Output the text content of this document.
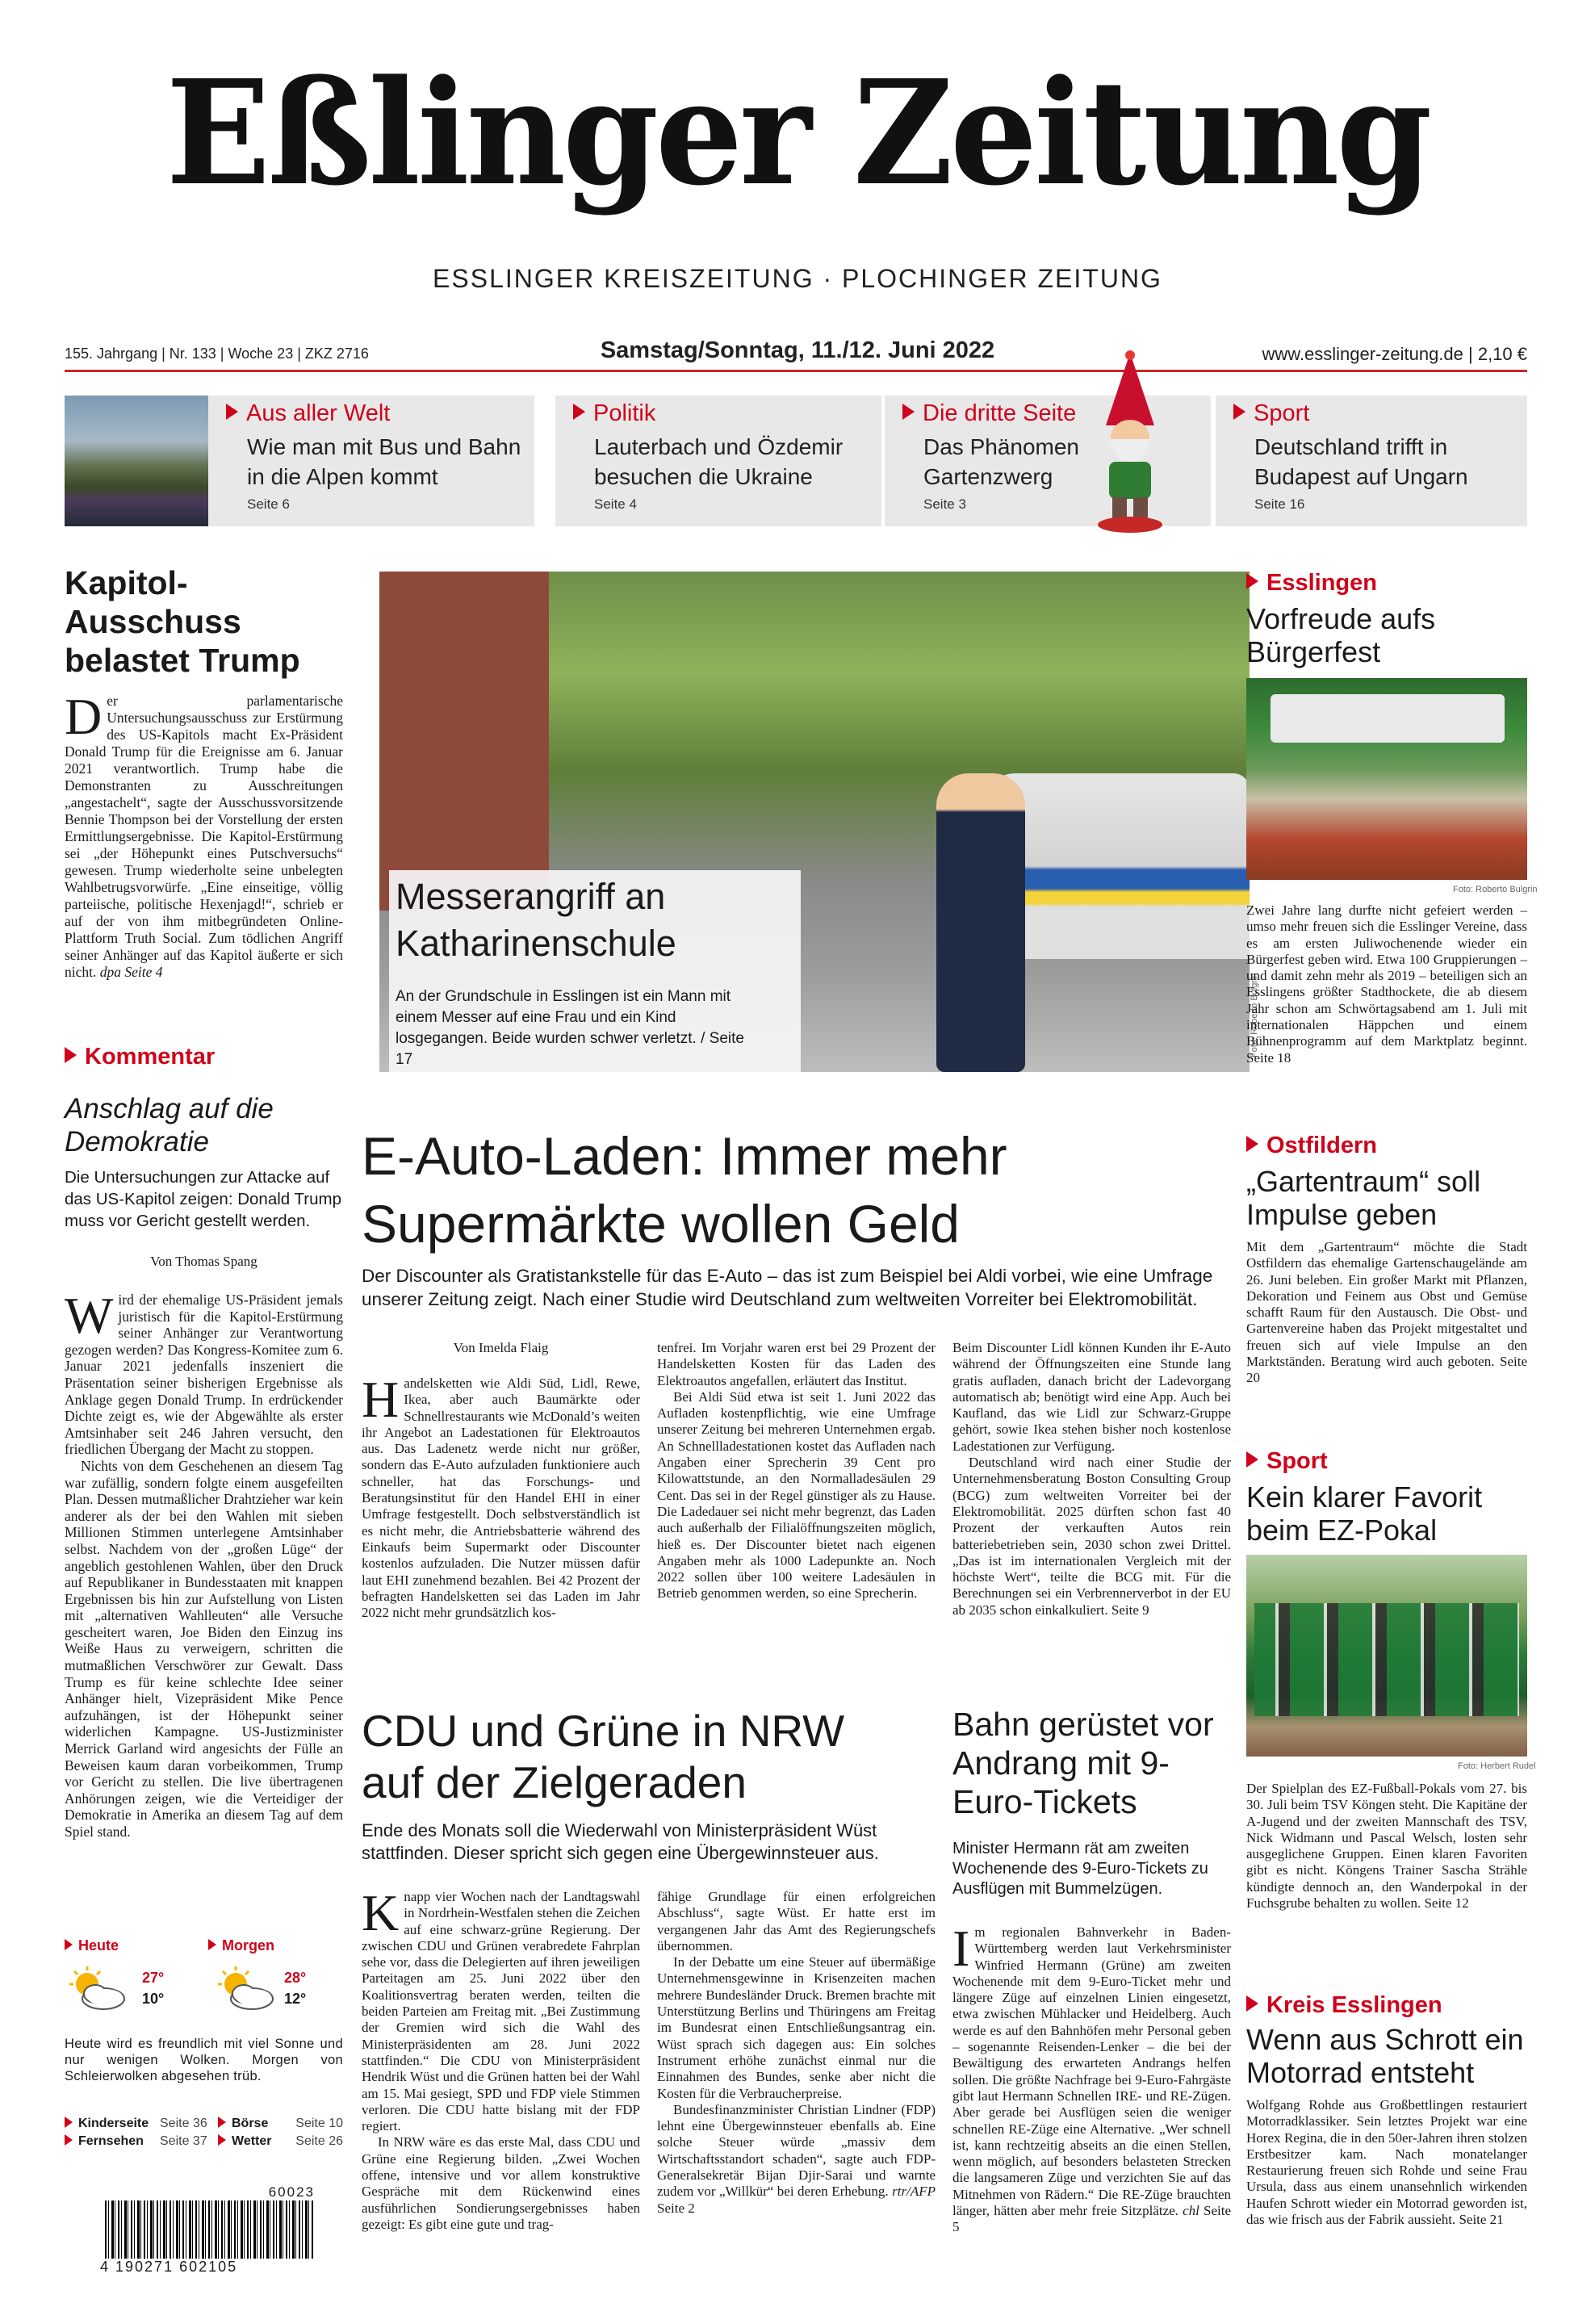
Eßlinger Zeitung
ESSLINGER KREISZEITUNG · PLOCHINGER ZEITUNG
155. Jahrgang | Nr. 133 | Woche 23 | ZKZ 2716	Samstag/Sonntag, 11./12. Juni 2022	www.esslinger-zeitung.de | 2,10 €
Aus aller Welt
Wie man mit Bus und Bahn in die Alpen kommt
Seite 6
Politik
Lauterbach und Özdemir besuchen die Ukraine
Seite 4
Die dritte Seite
Das Phänomen Gartenzwerg
Seite 3
Sport
Deutschland trifft in Budapest auf Ungarn
Seite 16
Kapitol-Ausschuss belastet Trump
Der parlamentarische Untersuchungsausschuss zur Erstürmung des US-Kapitols macht Ex-Präsident Donald Trump für die Ereignisse am 6. Januar 2021 verantwortlich. Trump habe die Demonstranten zu Ausschreitungen „angestachelt“, sagte der Ausschussvorsitzende Bennie Thompson bei der Vorstellung der ersten Ermittlungsergebnisse. Die Kapitol-Erstürmung sei „der Höhepunkt eines Putschversuchs“ gewesen. Trump wiederholte seine unbelegten Wahlbetrugsvorwürfe. „Eine einseitige, völlig parteiische, politische Hexenjagd!“, schrieb er auf der von ihm mitbegründeten Online-Plattform Truth Social. Zum tödlichen Angriff seiner Anhänger auf das Kapitol äußerte er sich nicht. dpa Seite 4
Kommentar
Anschlag auf die Demokratie
Die Untersuchungen zur Attacke auf das US-Kapitol zeigen: Donald Trump muss vor Gericht gestellt werden.
Von Thomas Spang

Wird der ehemalige US-Präsident jemals juristisch für die Kapitol-Erstürmung seiner Anhänger zur Verantwortung gezogen werden? Das Kongress-Komitee zum 6. Januar 2021 jedenfalls inszeniert die Präsentation seiner bisherigen Ergebnisse als Anklage gegen Donald Trump. In erdrückender Dichte zeigt es, wie der Abgewählte als erster Amtsinhaber seit 246 Jahren versucht, den friedlichen Übergang der Macht zu stoppen.

Nichts von dem Geschehenen an diesem Tag war zufällig, sondern folgte einem ausgefeilten Plan. Dessen mutmaßlicher Drahtzieher war kein anderer als der bei den Wahlen mit sieben Millionen Stimmen unterlegene Amtsinhaber selbst. Nachdem von der „großen Lüge“ der angeblich gestohlenen Wahlen, über den Druck auf Republikaner in Bundesstaaten mit knappen Ergebnissen bis hin zur Aufstellung von Listen mit „alternativen Wahlleuten“ alle Versuche gescheitert waren, Joe Biden den Einzug ins Weiße Haus zu verweigern, schritten die mutmaßlichen Verschwörer zur Gewalt. Dass Trump es für keine schlechte Idee seiner Anhänger hielt, Vizepräsident Mike Pence aufzuhängen, ist der Höhepunkt seiner widerlichen Kampagne. US-Justizminister Merrick Garland wird angesichts der Fülle an Beweisen kaum daran vorbeikommen, Trump vor Gericht zu stellen. Die live übertragenen Anhörungen zeigen, wie die Verteidiger der Demokratie in Amerika an diesem Tag auf dem Spiel stand.

Heute
27°
10°
Morgen
28°
12°
Heute wird es freundlich mit viel Sonne und nur wenigen Wolken. Morgen von Schleierwolken abgesehen trüb.
Kinderseite Seite 36	Börse	Seite 10
Fernsehen	Seite 37	Wetter	Seite 26
60023
4 190271 602105
Messerangriff an Katharinenschule
An der Grundschule in Esslingen ist ein Mann mit einem Messer auf eine Frau und ein Kind losgegangen. Beide wurden schwer verletzt. / Seite 17
Foto: Roberto Bulgrin
E-Auto-Laden: Immer mehr Supermärkte wollen Geld
Der Discounter als Gratistankstelle für das E-Auto – das ist zum Beispiel bei Aldi vorbei, wie eine Umfrage unserer Zeitung zeigt. Nach einer Studie wird Deutschland zum weltweiten Vorreiter bei Elektromobilität.
Von Imelda Flaig

Handelsketten wie Aldi Süd, Lidl, Rewe, Ikea, aber auch Baumärkte oder Schnellrestaurants wie McDonald’s weiten ihr Angebot an Ladestationen für Elektroautos aus. Das Ladenetz werde nicht nur größer, sondern das E-Auto aufzuladen funktioniere auch schneller, hat das Forschungs- und Beratungsinstitut für den Handel EHI in einer Umfrage festgestellt. Doch selbstverständlich ist es nicht mehr, die Antriebsbatterie während des Einkaufs beim Supermarkt oder Discounter kostenlos aufzuladen. Die Nutzer müssen dafür laut EHI zunehmend bezahlen. Bei 42 Prozent der befragten Handelsketten sei das Laden im Jahr 2022 nicht mehr grundsätzlich kos-

tenfrei. Im Vorjahr waren erst bei 29 Prozent der Handelsketten Kosten für das Laden des Elektroautos angefallen, erläutert das Institut.

Bei Aldi Süd etwa ist seit 1. Juni 2022 das Aufladen kostenpflichtig, wie eine Umfrage unserer Zeitung bei mehreren Unternehmen ergab. An Schnellladestationen kostet das Aufladen nach Angaben einer Sprecherin 39 Cent pro Kilowattstunde, an den Normalladesäulen 29 Cent. Das sei in der Regel günstiger als zu Hause. Die Ladedauer sei nicht mehr begrenzt, das Laden auch außerhalb der Filialöffnungszeiten möglich, hieß es. Der Discounter bietet nach eigenen Angaben mehr als 1000 Ladepunkte an. Noch 2022 sollen über 100 weitere Ladesäulen in Betrieb genommen werden, so eine Sprecherin.

Beim Discounter Lidl können Kunden ihr E-Auto während der Öffnungszeiten eine Stunde lang gratis aufladen, danach bricht der Ladevorgang automatisch ab; benötigt wird eine App. Auch bei Kaufland, das wie Lidl zur Schwarz-Gruppe gehört, sowie Ikea stehen bisher noch kostenlose Ladestationen zur Verfügung.

Deutschland wird nach einer Studie der Unternehmensberatung Boston Consulting Group (BCG) zum weltweiten Vorreiter bei der Elektromobilität. 2025 dürften schon fast 40 Prozent der verkauften Autos rein batteriebetrieben sein, 2030 schon zwei Drittel. „Das ist im internationalen Vergleich mit der höchste Wert“, teilte die BCG mit. Für die Berechnungen sei ein Verbrennerverbot in der EU ab 2035 schon einkalkuliert. Seite 9

CDU und Grüne in NRW auf der Zielgeraden
Ende des Monats soll die Wiederwahl von Ministerpräsident Wüst stattfinden. Dieser spricht sich gegen eine Übergewinnsteuer aus.

Knapp vier Wochen nach der Landtagswahl in Nordrhein-Westfalen stehen die Zeichen auf eine schwarz-grüne Regierung. Der zwischen CDU und Grünen verabredete Fahrplan sehe vor, dass die Delegierten auf ihren jeweiligen Parteitagen am 25. Juni 2022 über den Koalitionsvertrag beraten werden, teilten die beiden Parteien am Freitag mit. „Bei Zustimmung der Gremien wird sich die Wahl des Ministerpräsidenten am 28. Juni 2022 stattfinden.“ Die CDU von Ministerpräsident Hendrik Wüst und die Grünen hatten bei der Wahl am 15. Mai gesiegt, SPD und FDP viele Stimmen verloren. Die CDU hatte bislang mit der FDP regiert.

In NRW wäre es das erste Mal, dass CDU und Grüne eine Regierung bilden. „Zwei Wochen offene, intensive und vor allem konstruktive Gespräche mit dem Rückenwind eines ausführlichen Sondierungsergebnisses haben gezeigt: Es gibt eine gute und trag-

fähige Grundlage für einen erfolgreichen Abschluss“, sagte Wüst. Er hatte erst im vergangenen Jahr das Amt des Regierungschefs übernommen.

In der Debatte um eine Steuer auf übermäßige Unternehmensgewinne in Krisenzeiten machen mehrere Bundesländer Druck. Bremen brachte mit Unterstützung Berlins und Thüringens am Freitag im Bundesrat einen Entschließungsantrag ein. Wüst sprach sich dagegen aus: Ein solches Instrument erhöhe zunächst einmal nur die Einnahmen des Bundes, senke aber nicht die Kosten für die Verbraucherpreise.

Bundesfinanzminister Christian Lindner (FDP) lehnt eine Übergewinnsteuer ebenfalls ab. Eine solche Steuer würde „massiv dem Wirtschaftsstandort schaden“, sagte auch FDP-Generalsekretär Bijan Djir-Sarai und warnte zudem vor „Willkür“ bei deren Erhebung. rtr/AFP Seite 2

Bahn gerüstet vor Andrang mit 9-Euro-Tickets
Minister Hermann rät am zweiten Wochenende des 9-Euro-Tickets zu Ausflügen mit Bummelzügen.
Im regionalen Bahnverkehr in Baden-Württemberg werden laut Verkehrsminister Winfried Hermann (Grüne) am zweiten Wochenende mit dem 9-Euro-Ticket mehr und längere Züge auf einzelnen Linien eingesetzt, etwa zwischen Mühlacker und Heidelberg. Auch werde es auf den Bahnhöfen mehr Personal geben – sogenannte Reisenden-Lenker – die bei der Bewältigung des erwarteten Andrangs helfen sollen. Die größte Nachfrage bei 9-Euro-Fahrgäste gibt laut Hermann Schnellen IRE- und RE-Zügen. Aber gerade bei Ausflügen seien die weniger schnellen RE-Züge eine Alternative. „Wer schnell ist, kann rechtzeitig abseits an die einen Stellen, wenn möglich, auf besonders belasteten Strecken die langsameren Züge und verzichten Sie auf das Mitnehmen von Rädern.“ Die RE-Züge brauchten länger, hätten aber mehr freie Sitzplätze. chl Seite 5
Esslingen
Vorfreude aufs Bürgerfest
Foto: Roberto Bulgrin
Zwei Jahre lang durfte nicht gefeiert werden – umso mehr freuen sich die Esslinger Vereine, dass es am ersten Juliwochenende wieder ein Bürgerfest geben wird. Etwa 100 Gruppierungen – und damit zehn mehr als 2019 – beteiligen sich an Esslingens größter Stadthockete, die ab diesem Jahr schon am Schwörtagsabend am 1. Juli mit internationalen Häppchen und einem Bühnenprogramm auf dem Marktplatz beginnt. Seite 18
Ostfildern
„Gartentraum“ soll Impulse geben
Mit dem „Gartentraum“ möchte die Stadt Ostfildern das ehemalige Gartenschaugelände am 26. Juni beleben. Ein großer Markt mit Pflanzen, Dekoration und Feinem aus Obst und Gemüse schafft Raum für den Austausch. Die Obst- und Gartenvereine haben das Projekt mitgestaltet und freuen sich auf viele Impulse an den Marktständen. Beratung wird auch geboten. Seite 20
Sport
Kein klarer Favorit beim EZ-Pokal
Foto: Herbert Rudel
Der Spielplan des EZ-Fußball-Pokals vom 27. bis 30. Juli beim TSV Köngen steht. Die Kapitäne der A-Jugend und der zweiten Mannschaft des TSV, Nick Widmann und Pascal Welsch, losten sehr ausgeglichene Gruppen. Einen klaren Favoriten gibt es nicht. Köngens Trainer Sascha Strähle kündigte dennoch an, den Wanderpokal in der Fuchsgrube behalten zu wollen. Seite 12
Kreis Esslingen
Wenn aus Schrott ein Motorrad entsteht
Wolfgang Rohde aus Großbettlingen restauriert Motorradklassiker. Sein letztes Projekt war eine Horex Regina, die in den 50er-Jahren ihren stolzen Erstbesitzer kam. Nach monatelanger Restaurierung freuen sich Rohde und seine Frau Ursula, dass aus einem unansehnlich wirkenden Haufen Schrott wieder ein Motorrad geworden ist, das wie frisch aus der Fabrik aussieht. Seite 21
